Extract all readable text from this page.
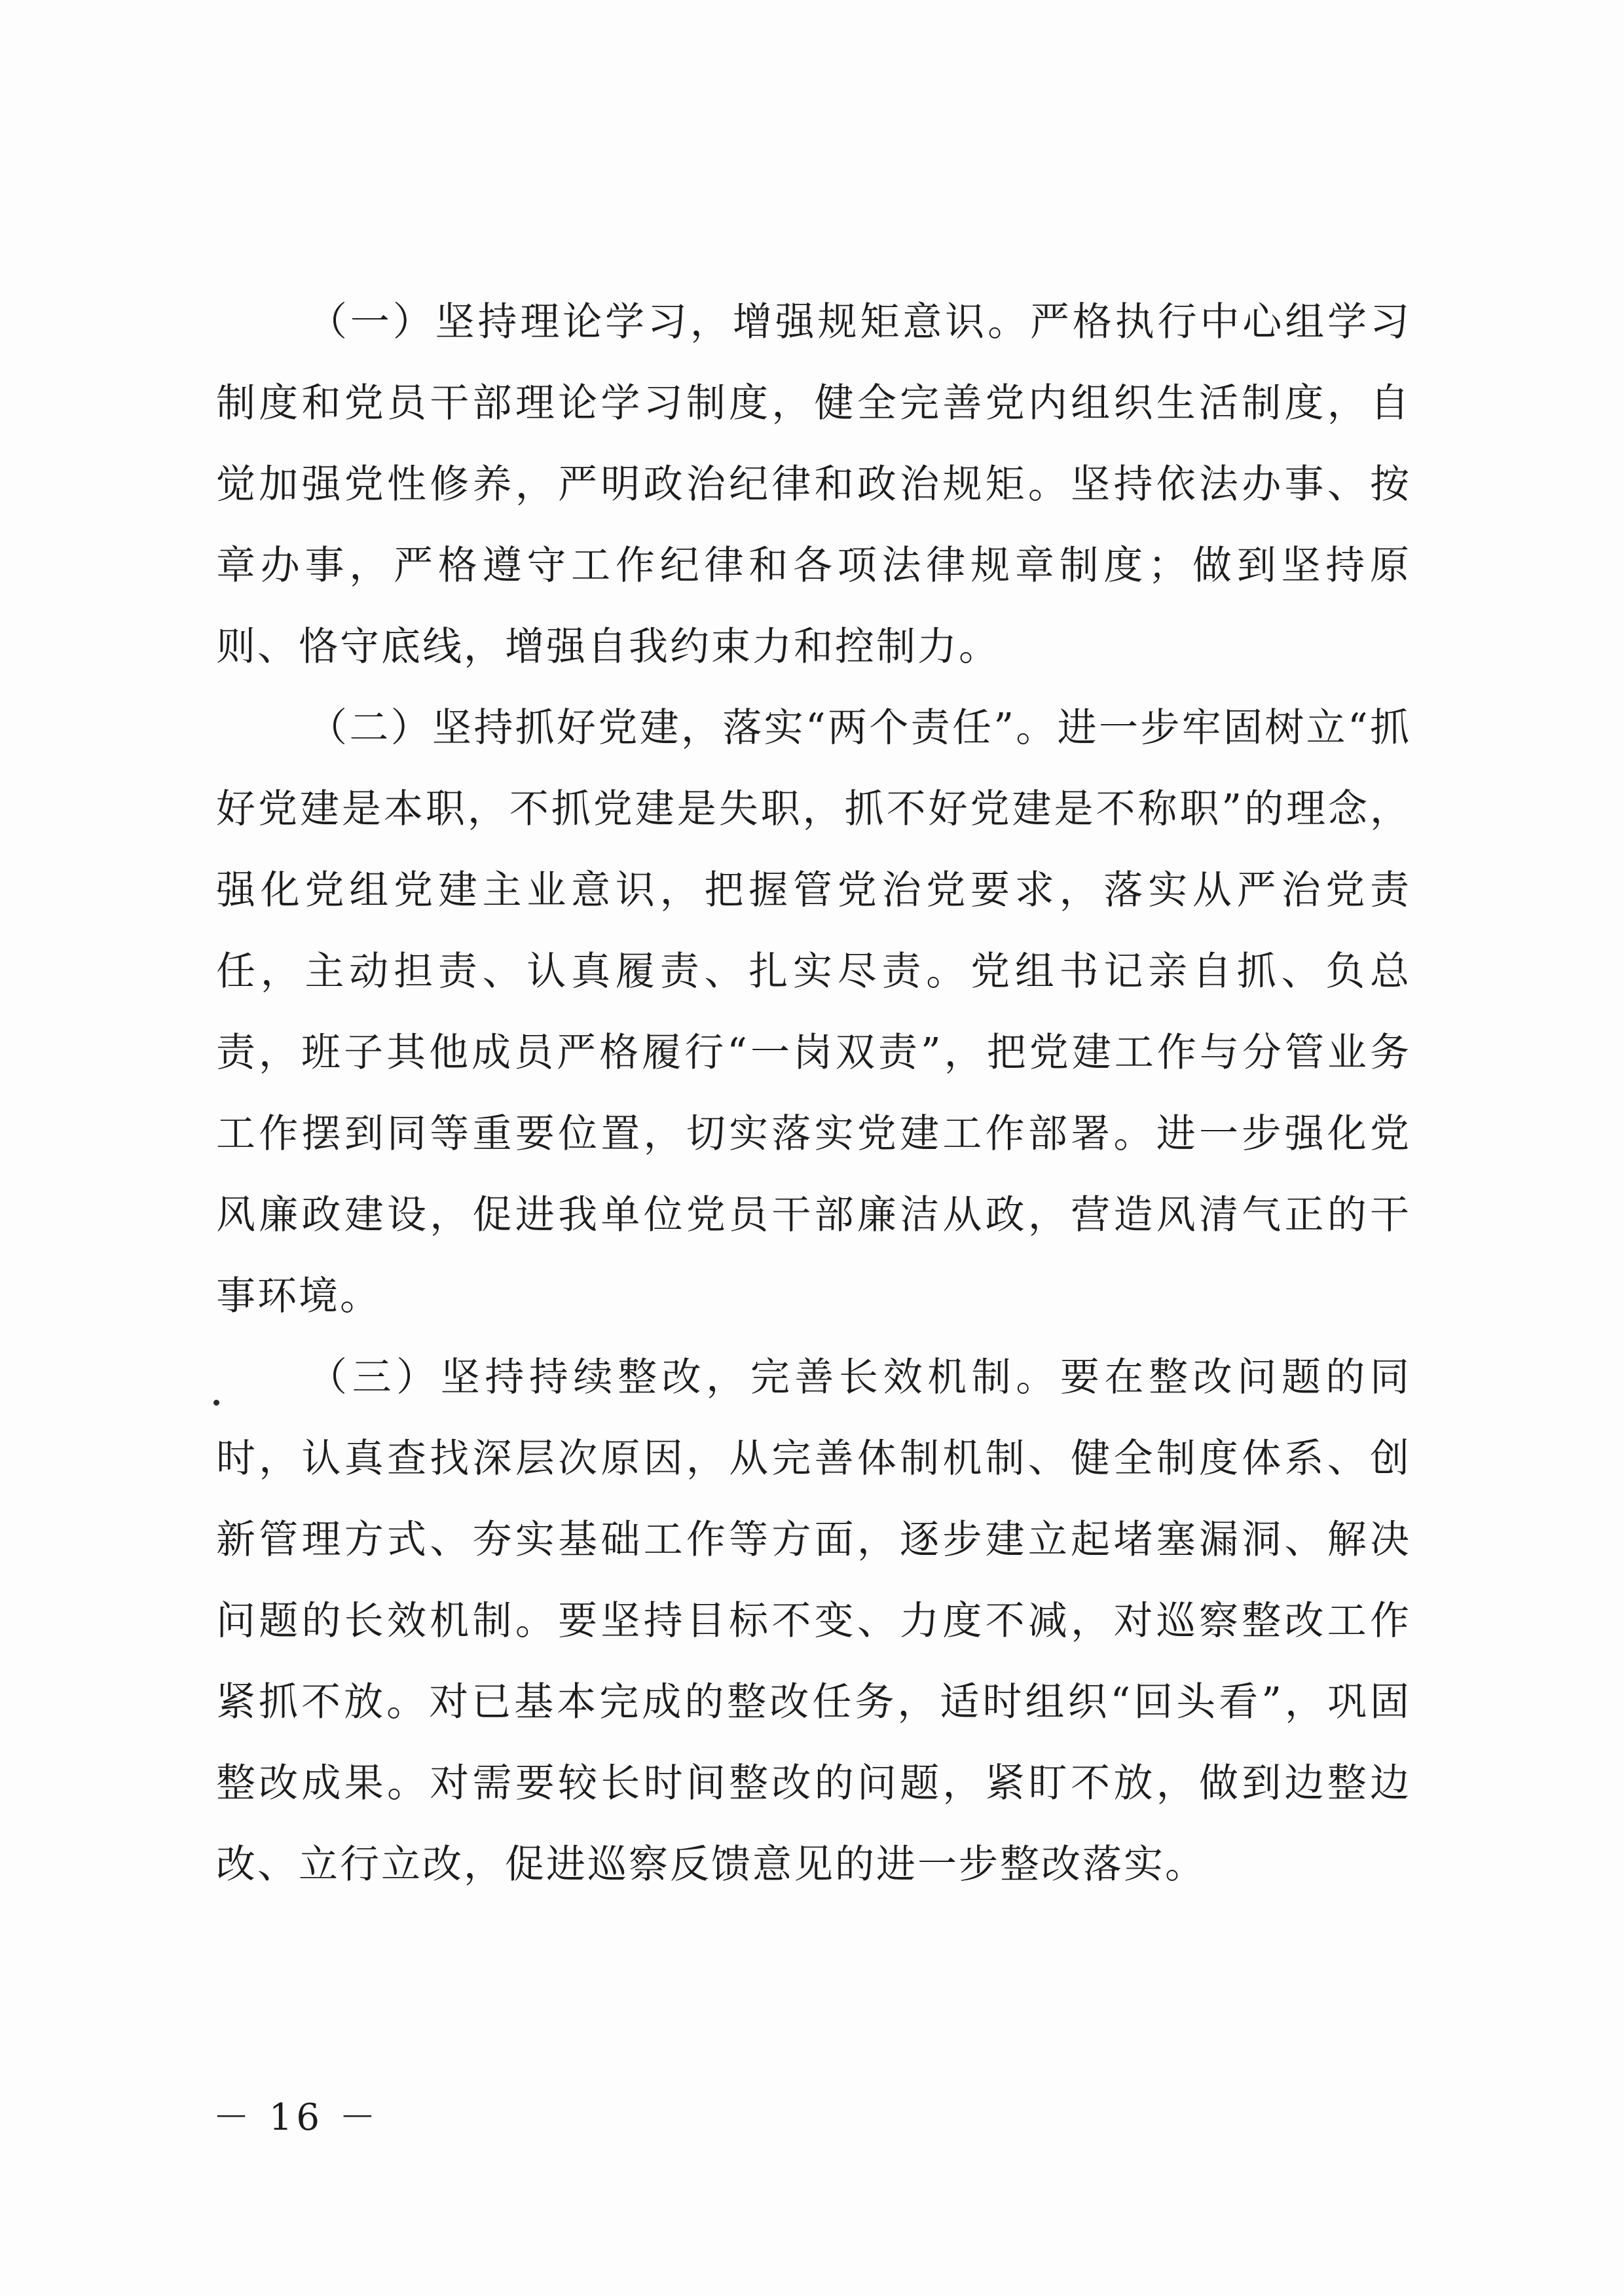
（一）坚持理论学习，增强规矩意识。严格执行中心组学习制度和党员干部理论学习制度，健全完善党内组织生活制度，自觉加强党性修养，严明政治纪律和政治规矩。坚持依法办事、按章办事，严格遵守工作纪律和各项法律规章制度；做到坚持原则、恪守底线，增强自我约束力和控制力。

（二）坚持抓好党建，落实“两个责任”。进一步牢固树立“抓好党建是本职，不抓党建是失职，抓不好党建是不称职”的理念，强化党组党建主业意识，把握管党治党要求，落实从严治党责任，主动担责、认真履责、扎实尽责。党组书记亲自抓、负总责，班子其他成员严格履行“一岗双责”，把党建工作与分管业务工作摆到同等重要位置，切实落实党建工作部署。进一步强化党风廉政建设，促进我单位党员干部廉洁从政，营造风清气正的干事环境。

（三）坚持持续整改，完善长效机制。要在整改问题的同时，认真查找深层次原因，从完善体制机制、健全制度体系、创新管理方式、夯实基础工作等方面，逐步建立起堵塞漏洞、解决问题的长效机制。要坚持目标不变、力度不减，对巡察整改工作紧抓不放。对已基本完成的整改任务，适时组织“回头看”，巩固整改成果。对需要较长时间整改的问题，紧盯不放，做到边整边改、立行立改，促进巡察反馈意见的进一步整改落实。

－ 16 －
